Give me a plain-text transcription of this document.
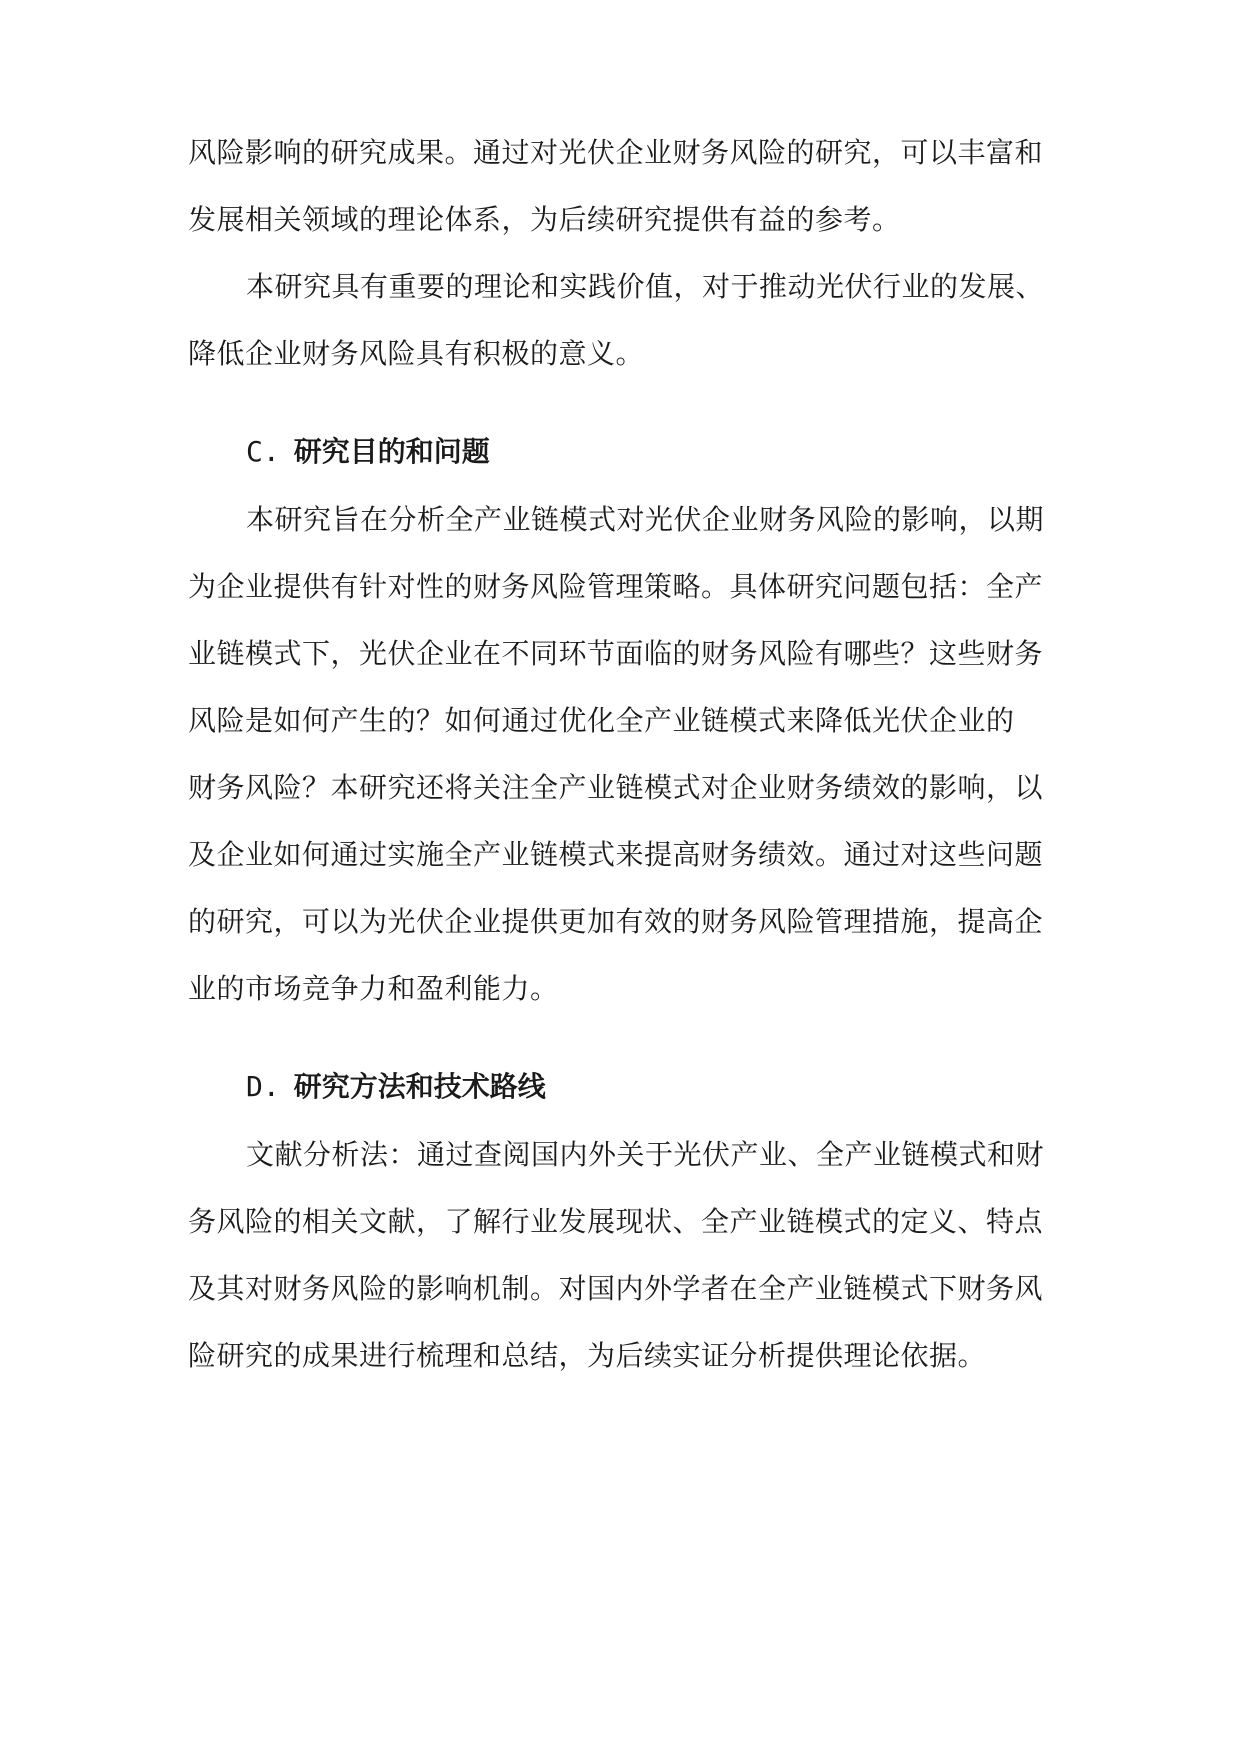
风险影响的研究成果。通过对光伏企业财务风险的研究，可以丰富和
发展相关领域的理论体系，为后续研究提供有益的参考。
本研究具有重要的理论和实践价值，对于推动光伏行业的发展、
降低企业财务风险具有积极的意义。
C. 研究目的和问题
本研究旨在分析全产业链模式对光伏企业财务风险的影响，以期
为企业提供有针对性的财务风险管理策略。具体研究问题包括：全产
业链模式下，光伏企业在不同环节面临的财务风险有哪些？这些财务
风险是如何产生的？如何通过优化全产业链模式来降低光伏企业的
财务风险？本研究还将关注全产业链模式对企业财务绩效的影响，以
及企业如何通过实施全产业链模式来提高财务绩效。通过对这些问题
的研究，可以为光伏企业提供更加有效的财务风险管理措施，提高企
业的市场竞争力和盈利能力。
D. 研究方法和技术路线
文献分析法：通过查阅国内外关于光伏产业、全产业链模式和财
务风险的相关文献，了解行业发展现状、全产业链模式的定义、特点
及其对财务风险的影响机制。对国内外学者在全产业链模式下财务风
险研究的成果进行梳理和总结，为后续实证分析提供理论依据。
